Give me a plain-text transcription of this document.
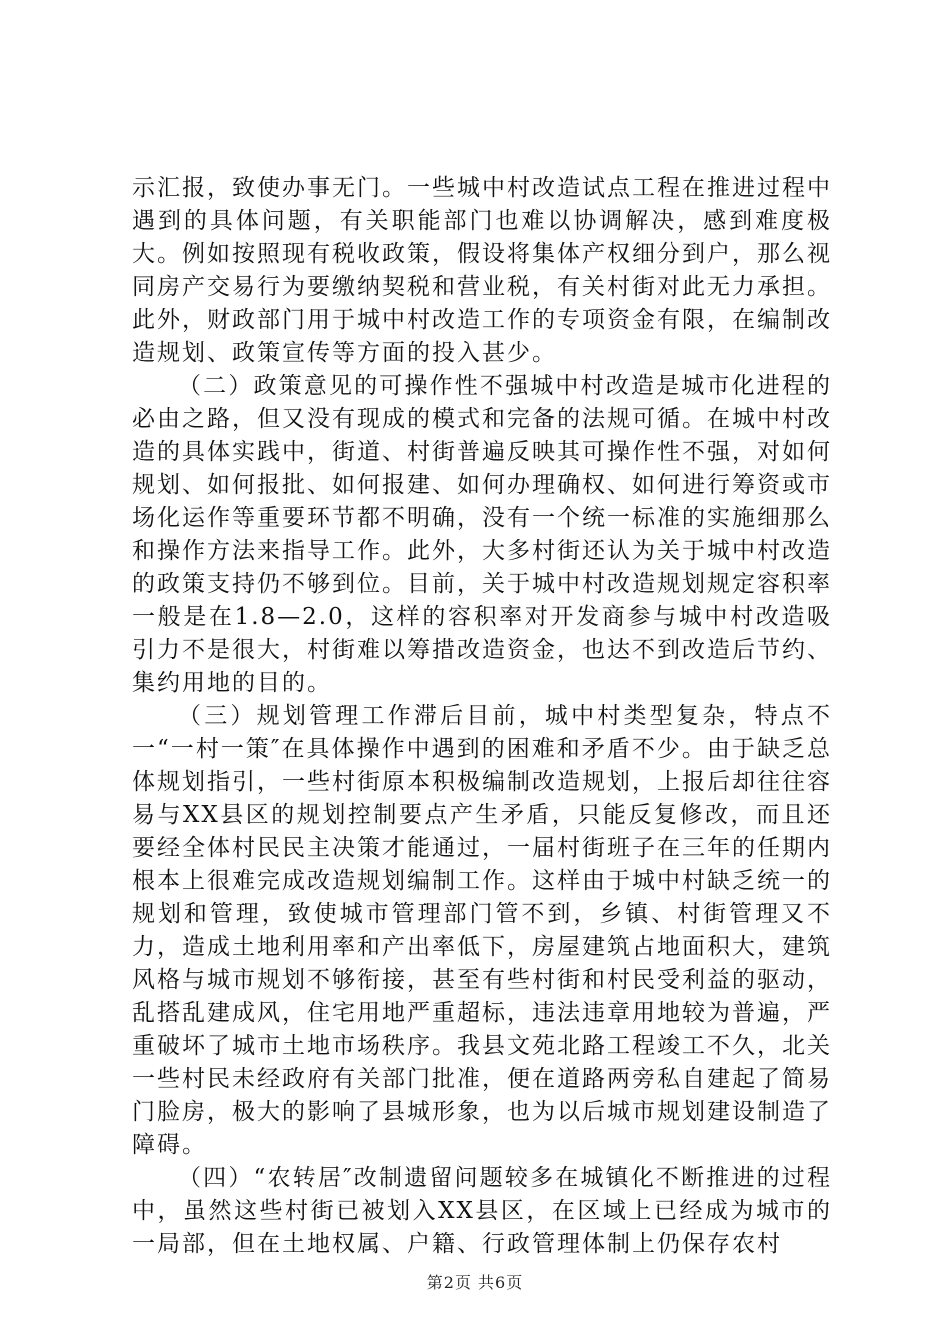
示汇报，致使办事无门。一些城中村改造试点工程在推进过程中遇到的具体问题，有关职能部门也难以协调解决，感到难度极大。例如按照现有税收政策，假设将集体产权细分到户，那么视同房产交易行为要缴纳契税和营业税，有关村街对此无力承担。此外，财政部门用于城中村改造工作的专项资金有限，在编制改造规划、政策宣传等方面的投入甚少。

（二）政策意见的可操作性不强城中村改造是城市化进程的必由之路，但又没有现成的模式和完备的法规可循。在城中村改造的具体实践中，街道、村街普遍反映其可操作性不强，对如何规划、如何报批、如何报建、如何办理确权、如何进行筹资或市场化运作等重要环节都不明确，没有一个统一标准的实施细那么和操作方法来指导工作。此外，大多村街还认为关于城中村改造的政策支持仍不够到位。目前，关于城中村改造规划规定容积率一般是在1.8—2.0，这样的容积率对开发商参与城中村改造吸引力不是很大，村街难以筹措改造资金，也达不到改造后节约、集约用地的目的。

（三）规划管理工作滞后目前，城中村类型复杂，特点不一“一村一策″在具体操作中遇到的困难和矛盾不少。由于缺乏总体规划指引，一些村街原本积极编制改造规划，上报后却往往容易与XX县区的规划控制要点产生矛盾，只能反复修改，而且还要经全体村民民主决策才能通过，一届村街班子在三年的任期内根本上很难完成改造规划编制工作。这样由于城中村缺乏统一的规划和管理，致使城市管理部门管不到，乡镇、村街管理又不力，造成土地利用率和产出率低下，房屋建筑占地面积大，建筑风格与城市规划不够衔接，甚至有些村街和村民受利益的驱动，乱搭乱建成风，住宅用地严重超标，违法违章用地较为普遍，严重破坏了城市土地市场秩序。我县文苑北路工程竣工不久，北关一些村民未经政府有关部门批准，便在道路两旁私自建起了简易门脸房，极大的影响了县城形象，也为以后城市规划建设制造了障碍。

（四）“农转居″改制遗留问题较多在城镇化不断推进的过程中，虽然这些村街已被划入XX县区，在区域上已经成为城市的一局部，但在土地权属、户籍、行政管理体制上仍保存农村

第2页 共6页
